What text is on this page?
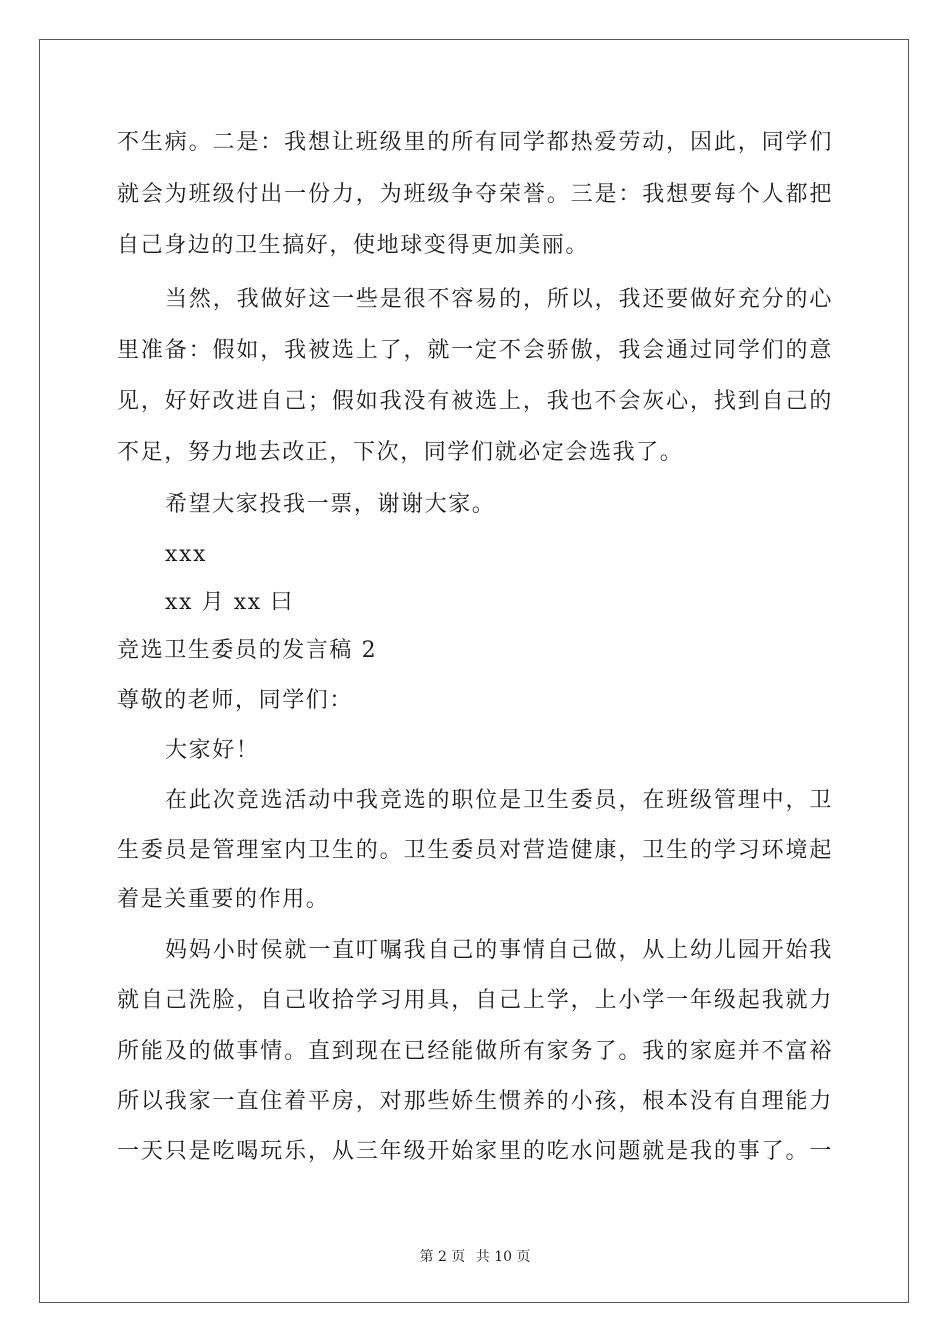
不生病。二是：我想让班级里的所有同学都热爱劳动，因此，同学们
就会为班级付出一份力，为班级争夺荣誉。三是：我想要每个人都把
自己身边的卫生搞好，使地球变得更加美丽。
当然，我做好这一些是很不容易的，所以，我还要做好充分的心
里准备：假如，我被选上了，就一定不会骄傲，我会通过同学们的意
见，好好改进自己；假如我没有被选上，我也不会灰心，找到自己的
不足，努力地去改正，下次，同学们就必定会选我了。
希望大家投我一票，谢谢大家。
xxx
xx 月 xx 曰
竞选卫生委员的发言稿 2
尊敬的老师，同学们：
大家好！
在此次竞选活动中我竞选的职位是卫生委员，在班级管理中，卫
生委员是管理室内卫生的。卫生委员对营造健康，卫生的学习环境起
着是关重要的作用。
妈妈小时侯就一直叮嘱我自己的事情自己做，从上幼儿园开始我
就自己洗脸，自己收拾学习用具，自己上学，上小学一年级起我就力
所能及的做事情。直到现在已经能做所有家务了。我的家庭并不富裕
所以我家一直住着平房，对那些娇生惯养的小孩，根本没有自理能力
一天只是吃喝玩乐，从三年级开始家里的吃水问题就是我的事了。一
第 2 页 共 10 页
